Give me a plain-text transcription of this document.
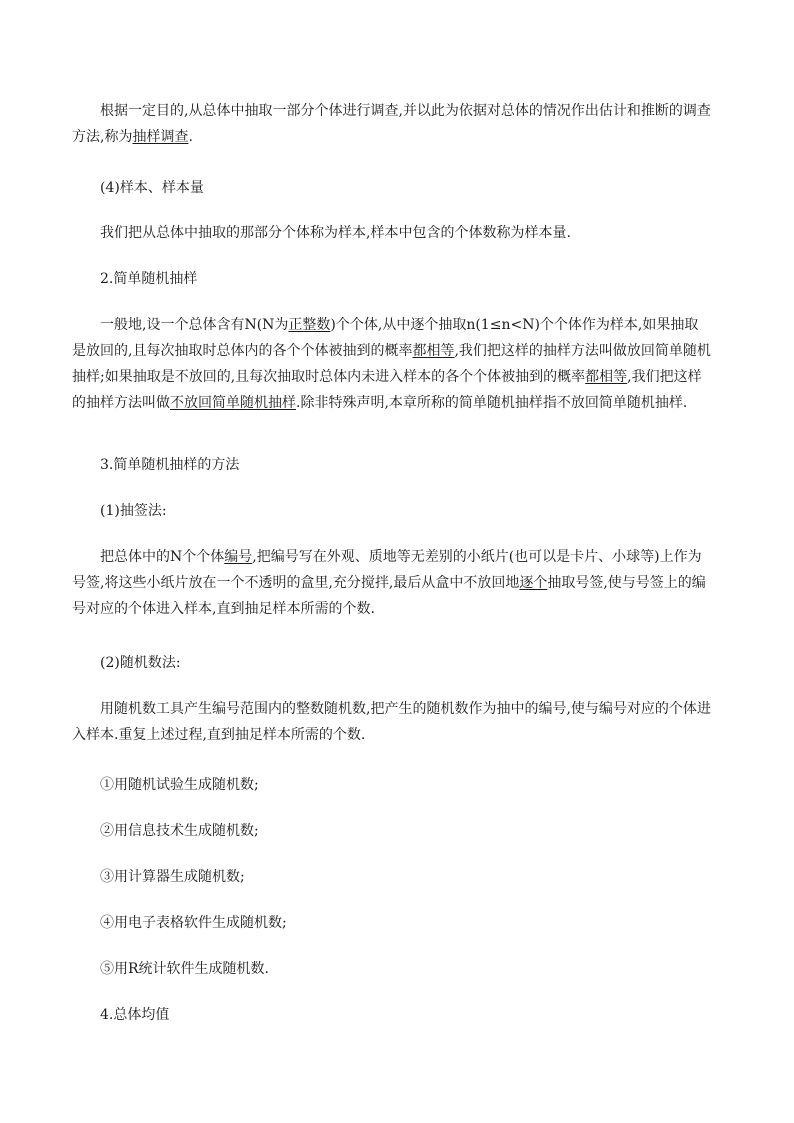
根据一定目的,从总体中抽取一部分个体进行调查,并以此为依据对总体的情况作出估计和推断的调查方法,称为抽样调查.

(4)样本、样本量

我们把从总体中抽取的那部分个体称为样本,样本中包含的个体数称为样本量.

2.简单随机抽样

一般地,设一个总体含有N(N为正整数)个个体,从中逐个抽取n(1≤n<N)个个体作为样本,如果抽取是放回的,且每次抽取时总体内的各个个体被抽到的概率都相等,我们把这样的抽样方法叫做放回简单随机抽样;如果抽取是不放回的,且每次抽取时总体内未进入样本的各个个体被抽到的概率都相等,我们把这样的抽样方法叫做不放回简单随机抽样.除非特殊声明,本章所称的简单随机抽样指不放回简单随机抽样.

3.简单随机抽样的方法

(1)抽签法:

把总体中的N个个体编号,把编号写在外观、质地等无差别的小纸片(也可以是卡片、小球等)上作为号签,将这些小纸片放在一个不透明的盒里,充分搅拌,最后从盒中不放回地逐个抽取号签,使与号签上的编号对应的个体进入样本,直到抽足样本所需的个数.

(2)随机数法:

用随机数工具产生编号范围内的整数随机数,把产生的随机数作为抽中的编号,使与编号对应的个体进入样本.重复上述过程,直到抽足样本所需的个数.

①用随机试验生成随机数;

②用信息技术生成随机数;

③用计算器生成随机数;

④用电子表格软件生成随机数;

⑤用R统计软件生成随机数.

4.总体均值
